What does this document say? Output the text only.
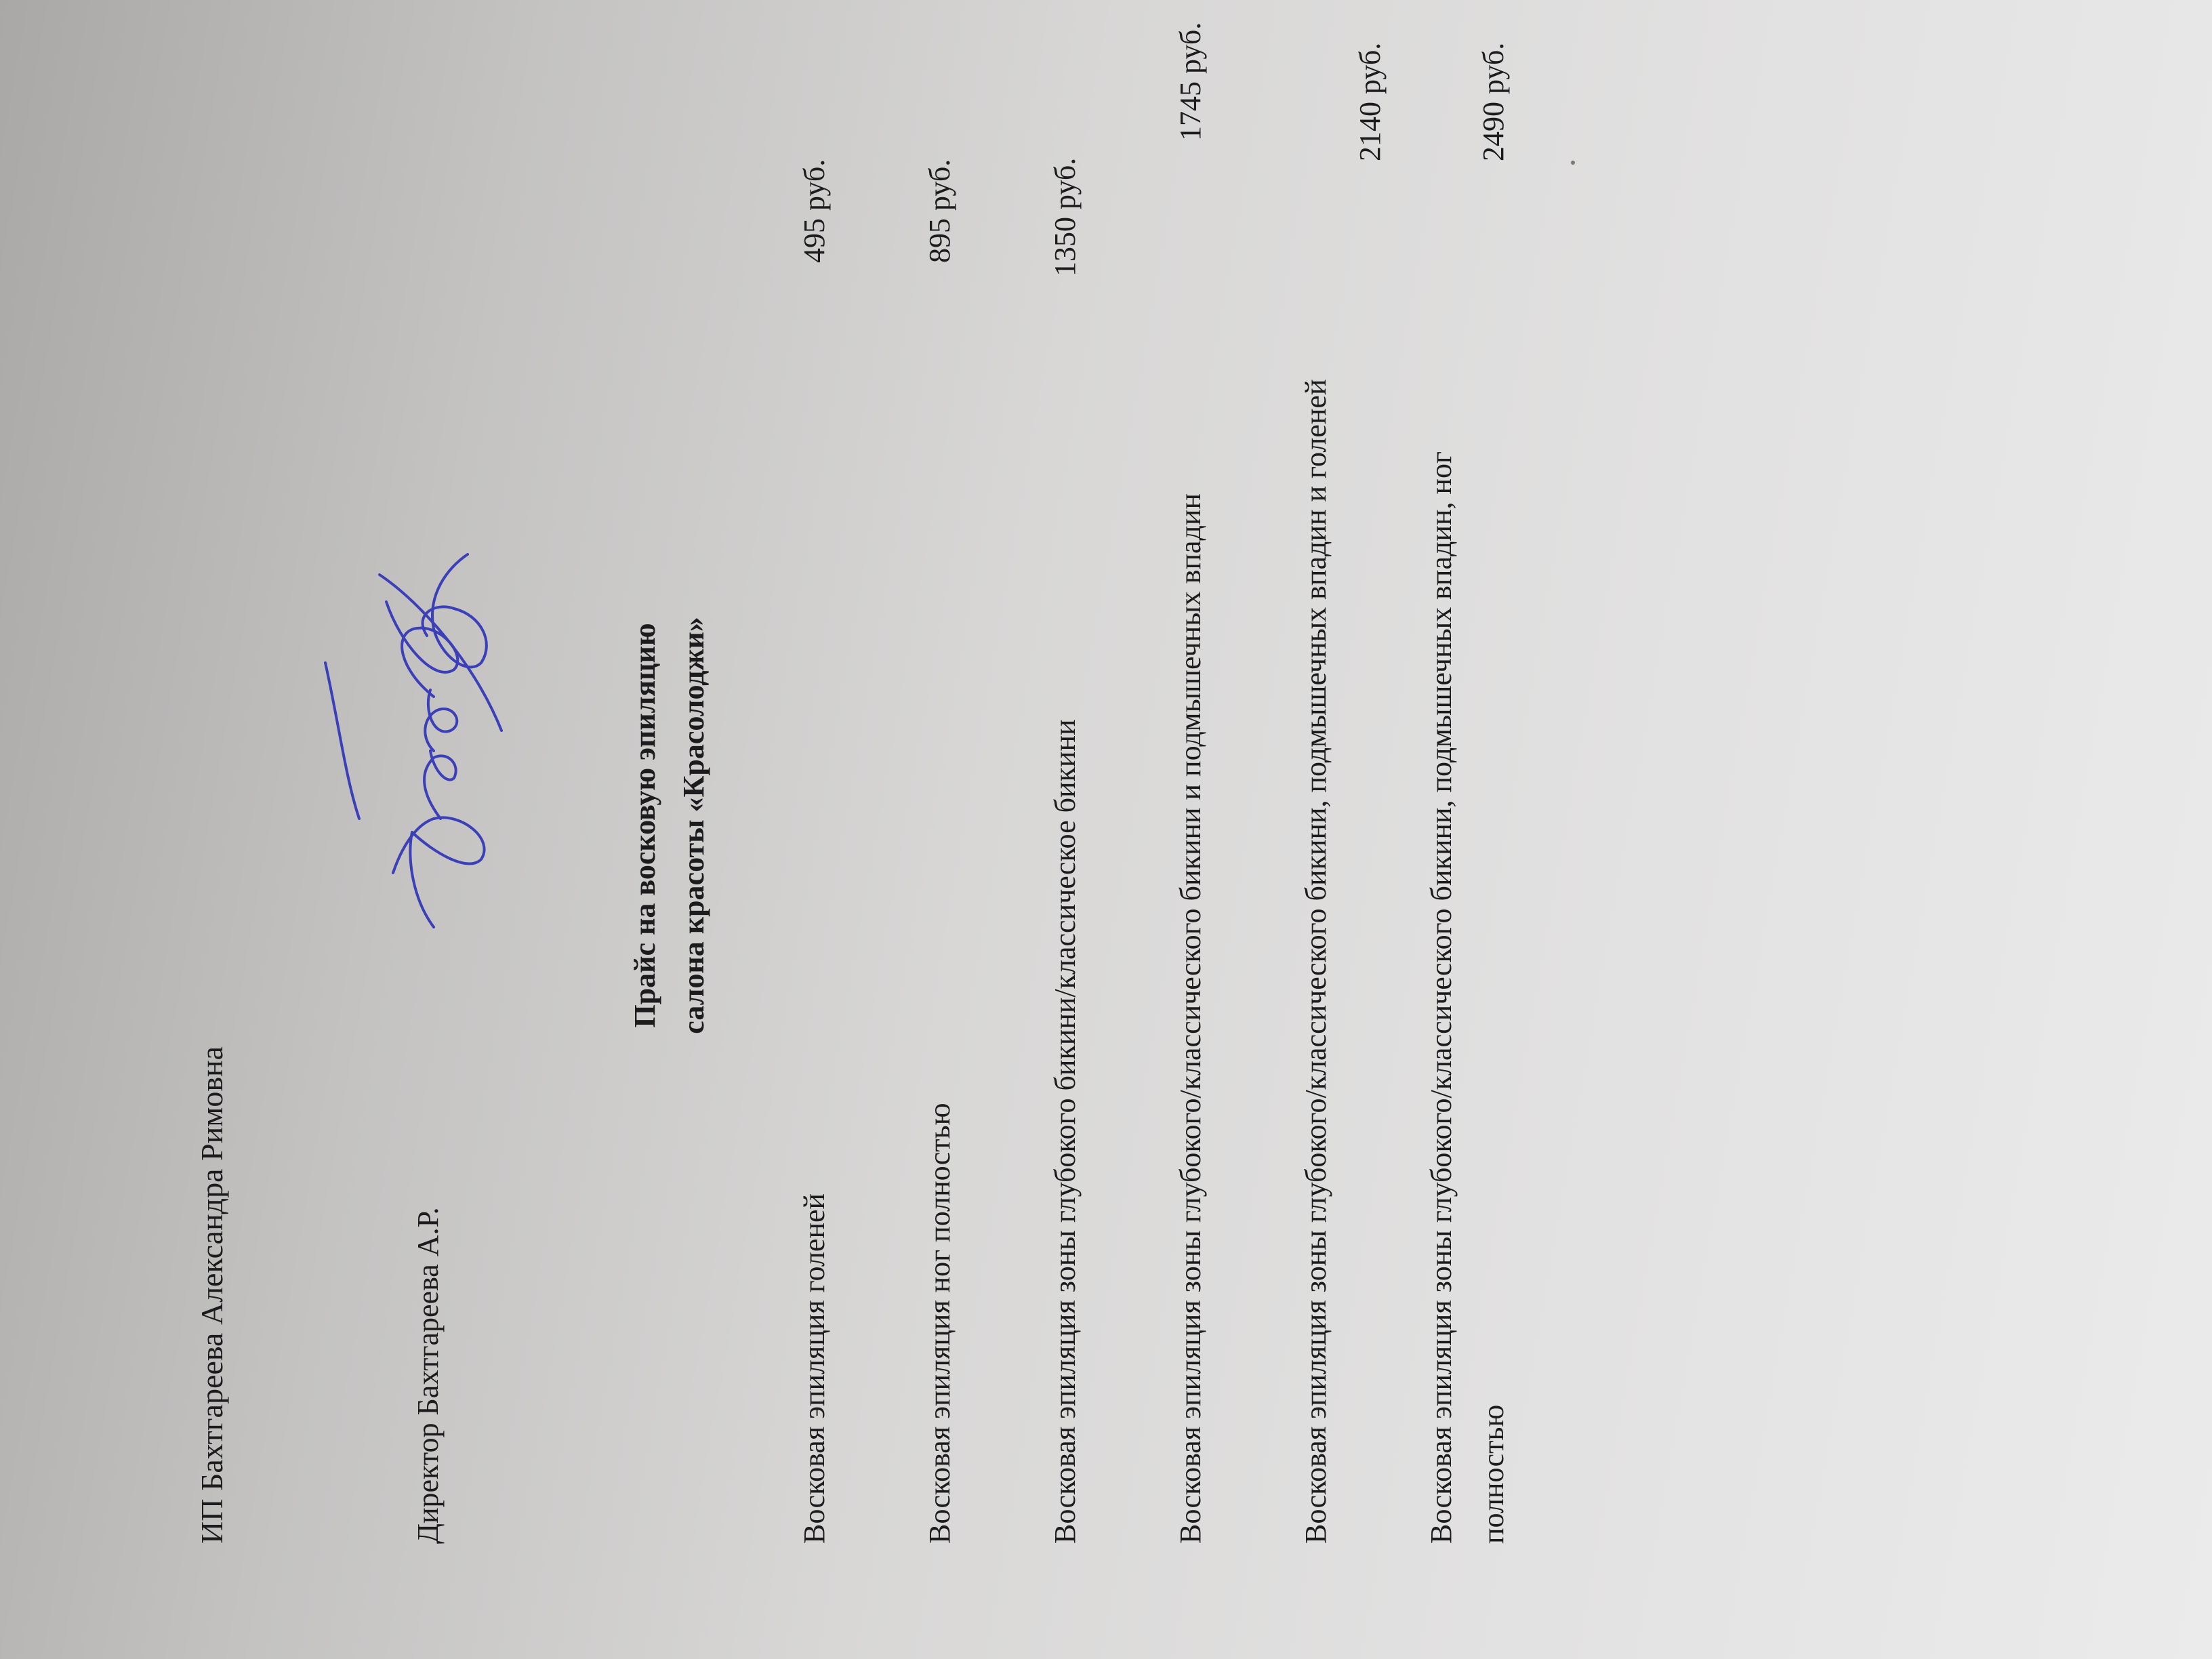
ИП Бахтгареева Александра Римовна	Директор Бахтгареева А.Р.
Прайс на восковую эпиляцию салона красоты «Красолоджи»
Восковая эпиляция голеней
495 руб.
Восковая эпиляция ног полностью
895 руб.
Восковая эпиляция зоны глубокого бикини/классическое бикини
1350 руб.
Восковая эпиляция зоны глубокого/классического бикини и подмышечных впадин
1745 руб.
Восковая эпиляция зоны глубокого/классического бикини, подмышечных впадин и голеней
2140 руб.
Восковая эпиляция зоны глубокого/классического бикини, подмышечных впадин, ног полностью
2490 руб.
